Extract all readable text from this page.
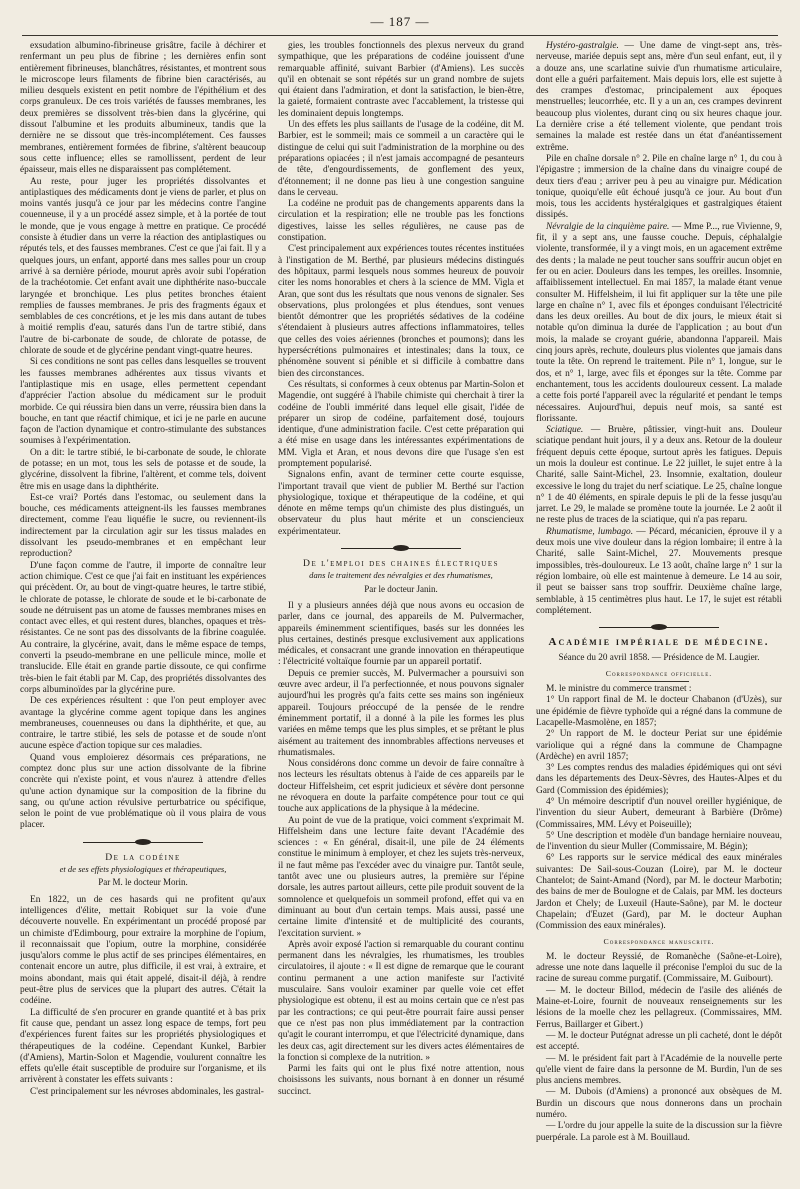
— 187 —

exsudation albumino-fibrineuse grisâtre, facile à déchirer et renfermant un peu plus de fibrine ; les dernières enfin sont entièrement fibrineuses, blanchâtres, résistantes, et montrent sous le microscope leurs filaments de fibrine bien caractérisés, au milieu desquels existent en petit nombre de l'épithélium et des corps granuleux. De ces trois variétés de fausses membranes, les deux premières se dissolvent très-bien dans la glycérine, qui dissout l'albumine et les produits albumineux, tandis que la dernière ne se dissout que très-incomplétement. Ces fausses membranes, entièrement formées de fibrine, s'altèrent beaucoup sous cette influence; elles se ramollissent, perdent de leur épaisseur, mais elles ne disparaissent pas complétement.

Au reste, pour juger les propriétés dissolvantes et antiplastiques des médicaments dont je viens de parler, et plus on moins vantés jusqu'à ce jour par les médecins contre l'angine couenneuse, il y a un procédé assez simple, et à la portée de tout le monde, que je vous engage à mettre en pratique. Ce procédé consiste à étudier dans un verre la réaction des antiplastiques ou réputés tels, et des fausses membranes. C'est ce que j'ai fait. Il y a quelques jours, un enfant, apporté dans mes salles pour un croup arrivé à sa dernière période, mourut après avoir subi l'opération de la trachéotomie. Cet enfant avait une diphthérite naso-buccale laryngée et bronchique. Les plus petites bronches étaient remplies de fausses membranes. Je pris des fragments égaux et semblables de ces concrétions, et je les mis dans autant de tubes à moitié remplis d'eau, saturés dans l'un de tartre stibié, dans l'autre de bi-carbonate de soude, de chlorate de potasse, de chlorate de soude et de glycérine pendant vingt-quatre heures.

Si ces conditions ne sont pas celles dans lesquelles se trouvent les fausses membranes adhérentes aux tissus vivants et l'antiplastique mis en usage, elles permettent cependant d'apprécier l'action absolue du médicament sur le produit morbide. Ce qui réussira bien dans un verre, réussira bien dans la bouche, en tant que réactif chimique, et ici je ne parle en aucune façon de l'action dynamique et contro-stimulante des substances soumises à l'expérimentation.

On a dit: le tartre stibié, le bi-carbonate de soude, le chlorate de potasse; en un mot, tous les sels de potasse et de soude, la glycérine, dissolvent la fibrine, l'altèrent, et comme tels, doivent être mis en usage dans la diphthérite.

Est-ce vrai? Portés dans l'estomac, ou seulement dans la bouche, ces médicaments atteignent-ils les fausses membranes directement, comme l'eau liquéfie le sucre, ou reviennent-ils indirectement par la circulation agir sur les tissus malades en dissolvant les pseudo-membranes et en empêchant leur reproduction?

D'une façon comme de l'autre, il importe de connaître leur action chimique. C'est ce que j'ai fait en instituant les expériences qui précèdent. Or, au bout de vingt-quatre heures, le tartre stibié, le chlorate de potasse, le chlorate de soude et le bi-carbonate de soude ne détruisent pas un atome de fausses membranes mises en contact avec elles, et qui restent dures, blanches, opaques et très-résistantes. Ce ne sont pas des dissolvants de la fibrine coagulée. Au contraire, la glycérine, avait, dans le même espace de temps, converti la pseudo-membrane en une pellicule mince, molle et translucide. Elle était en grande partie dissoute, ce qui confirme très-bien le fait établi par M. Cap, des propriétés dissolvantes des corps albuminoïdes par la glycérine pure.

De ces expériences résultent : que l'on peut employer avec avantage la glycérine comme agent topique dans les angines membraneuses, couenneuses ou dans la diphthérite, et que, au contraire, le tartre stibié, les sels de potasse et de soude n'ont aucune espèce d'action topique sur ces maladies.

Quand vous emploierez désormais ces préparations, ne comptez donc plus sur une action dissolvante de la fibrine concrète qui n'existe point, et vous n'aurez à attendre d'elles qu'une action dynamique sur la composition de la fibrine du sang, ou qu'une action révulsive perturbatrice ou spécifique, selon le point de vue problématique où il vous plaira de vous placer.

De la codéine
et de ses effets physiologiques et thérapeutiques,
Par M. le docteur Morin.

En 1822, un de ces hasards qui ne profitent qu'aux intelligences d'élite, mettait Robiquet sur la voie d'une découverte nouvelle. En expérimentant un procédé proposé par un chimiste d'Edimbourg, pour extraire la morphine de l'opium, il reconnaissait que l'opium, outre la morphine, considérée jusqu'alors comme le plus actif de ses principes élémentaires, en contenait encore un autre, plus difficile, il est vrai, à extraire, et moins abondant, mais qui était appelé, disait-il déjà, à rendre peut-être plus de services que la plupart des autres. C'était la codéine.

La difficulté de s'en procurer en grande quantité et à bas prix fit cause que, pendant un assez long espace de temps, fort peu d'expériences furent faites sur les propriétés physiologiques et thérapeutiques de la codéine. Cependant Kunkel, Barbier (d'Amiens), Martin-Solon et Magendie, voulurent connaître les effets qu'elle était susceptible de produire sur l'organisme, et ils arrivèrent à constater les effets suivants :

C'est principalement sur les névroses abdominales, les gastral-

gies, les troubles fonctionnels des plexus nerveux du grand sympathique, que les préparations de codéine jouissent d'une remarquable affinité, suivant Barbier (d'Amiens). Les succès qu'il en obtenait se sont répétés sur un grand nombre de sujets qui étaient dans l'admiration, et dont la satisfaction, le bien-être, la gaieté, formaient contraste avec l'accablement, la tristesse qui les dominaient depuis longtemps.

Un des effets les plus saillants de l'usage de la codéine, dit M. Barbier, est le sommeil; mais ce sommeil a un caractère qui le distingue de celui qui suit l'administration de la morphine ou des préparations opiacées ; il n'est jamais accompagné de pesanteurs de tête, d'engourdissements, de gonflement des yeux, d'étonnement; il ne donne pas lieu à une congestion sanguine dans le cerveau.

La codéine ne produit pas de changements apparents dans la circulation et la respiration; elle ne trouble pas les fonctions digestives, laisse les selles régulières, ne cause pas de constipation.

C'est principalement aux expériences toutes récentes instituées à l'instigation de M. Berthé, par plusieurs médecins distingués des hôpitaux, parmi lesquels nous sommes heureux de pouvoir citer les noms honorables et chers à la science de MM. Vigla et Aran, que sont dus les résultats que nous venons de signaler. Ses observations, plus prolongées et plus étendues, sont venues bientôt démontrer que les propriétés sédatives de la codéine s'étendaient à plusieurs autres affections inflammatoires, telles que celles des voies aériennes (bronches et poumons); dans les hypersécrétions pulmonaires et intestinales; dans la toux, ce phénomène souvent si pénible et si difficile à combattre dans bien des circonstances.

Ces résultats, si conformes à ceux obtenus par Martin-Solon et Magendie, ont suggéré à l'habile chimiste qui cherchait à tirer la codéine de l'oubli immérité dans lequel elle gisait, l'idée de préparer un sirop de codéine, parfaitement dosé, toujours identique, d'une administration facile. C'est cette préparation qui a été mise en usage dans les intéressantes expérimentations de MM. Vigla et Aran, et nous devons dire que l'usage s'en est promptement popularisé.

Signalons enfin, avant de terminer cette courte esquisse, l'important travail que vient de publier M. Berthé sur l'action physiologique, toxique et thérapeutique de la codéine, et qui dénote en même temps qu'un chimiste des plus distingués, un observateur du plus haut mérite et un consciencieux expérimentateur.

De l'emploi des chaines électriques
dans le traitement des névralgies et des rhumatismes,
Par le docteur Janin.

Il y a plusieurs années déjà que nous avons eu occasion de parler, dans ce journal, des appareils de M. Pulvermacher, appareils éminemment scientifiques, basés sur les données les plus certaines, destinés presque exclusivement aux applications médicales, et consacrant une grande innovation en thérapeutique : l'électricité voltaïque fournie par un appareil portatif.

Depuis ce premier succès, M. Pulvermacher a poursuivi son œuvre avec ardeur, il l'a perfectionnée, et nous pouvons signaler aujourd'hui les progrès qu'a faits cette ses mains son ingénieux appareil. Toujours préoccupé de la pensée de le rendre éminemment portatif, il a donné à la pile les formes les plus variées en même temps que les plus simples, et se prêtant le plus aisément au traitement des innombrables affections nerveuses et rhumatismales.

Nous considérons donc comme un devoir de faire connaître à nos lecteurs les résultats obtenus à l'aide de ces appareils par le docteur Hiffelsheim, cet esprit judicieux et sévère dont personne ne révoquera en doute la parfaite compétence pour tout ce qui touche aux applications de la physique à la médecine.

Au point de vue de la pratique, voici comment s'exprimait M. Hiffelsheim dans une lecture faite devant l'Académie des sciences : « En général, disait-il, une pile de 24 éléments constitue le minimum à employer, et chez les sujets très-nerveux, il ne faut même pas l'excéder avec du vinaigre pur. Tantôt seule, tantôt avec une ou plusieurs autres, la première sur l'épine dorsale, les autres partout ailleurs, cette pile produit souvent de la somnolence et quelquefois un sommeil profond, effet qui va en diminuant au bout d'un certain temps. Mais aussi, passé une certaine limite d'intensité et de multiplicité des courants, l'excitation survient. »

Après avoir exposé l'action si remarquable du courant continu permanent dans les névralgies, les rhumatismes, les troubles circulatoires, il ajoute : « Il est digne de remarque que le courant continu permanent a une action manifeste sur l'activité musculaire. Sans vouloir examiner par quelle voie cet effet physiologique est obtenu, il est au moins certain que ce n'est pas par les contractions; ce qui peut-être pourrait faire aussi penser que ce n'est pas non plus immédiatement par la contraction qu'agit le courant interrompu, et que l'électricité dynamique, dans les deux cas, agit directement sur les divers actes élémentaires de la fonction si complexe de la nutrition. »

Parmi les faits qui ont le plus fixé notre attention, nous choisissons les suivants, nous bornant à en donner un résumé succinct.

Hystéro-gastralgie. — Une dame de vingt-sept ans, très-nerveuse, mariée depuis sept ans, mère d'un seul enfant, eut, il y a douze ans, une scarlatine suivie d'un rhumatisme articulaire, dont elle a guéri parfaitement. Mais depuis lors, elle est sujette à des crampes d'estomac, principalement aux époques menstruelles; leucorrhée, etc. Il y a un an, ces crampes devinrent beaucoup plus violentes, durant cinq ou six heures chaque jour. La dernière crise a été tellement violente, que pendant trois semaines la malade est restée dans un état d'anéantissement extrême.

Pile en chaîne dorsale n° 2. Pile en chaîne large n° 1, du cou à l'épigastre ; immersion de la chaîne dans du vinaigre coupé de deux tiers d'eau ; arriver peu à peu au vinaigre pur. Médication tonique, quoiqu'elle eût échoué jusqu'à ce jour. Au bout d'un mois, tous les accidents hystéralgiques et gastralgiques étaient dissipés.

Névralgie de la cinquième paire. — Mme P..., rue Vivienne, 9, fit, il y a sept ans, une fausse couche. Depuis, céphalalgie violente, transformée, il y a vingt mois, en un agacement extrême des dents ; la malade ne peut toucher sans souffrir aucun objet en fer ou en acier. Douleurs dans les tempes, les oreilles. Insomnie, affaiblissement intellectuel. En mai 1857, la malade étant venue consulter M. Hiffelsheim, il lui fit appliquer sur la tête une pile large en chaîne n° 1, avec fils et éponges conduisant l'électricité dans les deux oreilles. Au bout de dix jours, le mieux était si notable qu'on diminua la durée de l'application ; au bout d'un mois, la malade se croyant guérie, abandonna l'appareil. Mais cinq jours après, rechute, douleurs plus violentes que jamais dans toute la tête. On reprend le traitement. Pile n° 1, longue, sur le dos, et n° 1, large, avec fils et éponges sur la tête. Comme par enchantement, tous les accidents douloureux cessent. La malade a cette fois porté l'appareil avec la régularité et pendant le temps nécessaires. Aujourd'hui, depuis neuf mois, sa santé est florissante.

Sciatique. — Bruère, pâtissier, vingt-huit ans. Douleur sciatique pendant huit jours, il y a deux ans. Retour de la douleur fréquent depuis cette époque, surtout après les fatigues. Depuis un mois la douleur est continue. Le 22 juillet, le sujet entre à la Charité, salle Saint-Michel, 23. Insomnie, exaltation, douleur excessive le long du trajet du nerf sciatique. Le 25, chaîne longue n° 1 de 40 éléments, en spirale depuis le pli de la fesse jusqu'au jarret. Le 29, le malade se promène toute la journée. Le 2 août il ne reste plus de traces de la sciatique, qui n'a pas reparu.

Rhumatisme, lumbago. — Pécard, mécanicien, éprouve il y a deux mois une vive douleur dans la région lombaire; il entre à la Charité, salle Saint-Michel, 27. Mouvements presque impossibles, très-douloureux. Le 13 août, chaîne large n° 1 sur la région lombaire, où elle est maintenue à demeure. Le 14 au soir, il peut se baisser sans trop souffrir. Deuxième chaîne large, semblable, à 15 centimètres plus haut. Le 17, le sujet est rétabli complétement.

Académie impériale de médecine.
Séance du 20 avril 1858. — Présidence de M. Laugier.
Correspondance officielle.

M. le ministre du commerce transmet :

1° Un rapport final de M. le docteur Chabanon (d'Uzès), sur une épidémie de fièvre typhoïde qui a régné dans la commune de Lacapelle-Masmolène, en 1857;

2° Un rapport de M. le docteur Periat sur une épidémie variolique qui a régné dans la commune de Champagne (Ardèche) en avril 1857;

3° Les comptes rendus des maladies épidémiques qui ont sévi dans les départements des Deux-Sèvres, des Hautes-Alpes et du Gard (Commission des épidémies);

4° Un mémoire descriptif d'un nouvel oreiller hygiénique, de l'invention du sieur Aubert, demeurant à Barbière (Drôme) (Commissaires, MM. Lévy et Poiseuille);

5° Une description et modèle d'un bandage herniaire nouveau, de l'invention du sieur Muller (Commissaire, M. Bégin);

6° Les rapports sur le service médical des eaux minérales suivantes: De Sail-sous-Couzan (Loire), par M. le docteur Chantelot; de Saint-Amand (Nord), par M. le docteur Marbotin; des bains de mer de Boulogne et de Calais, par MM. les docteurs Jardon et Chely; de Luxeuil (Haute-Saône), par M. le docteur Chapelain; d'Euzet (Gard), par M. le docteur Auphan (Commission des eaux minérales).

Correspondance manuscrite.

M. le docteur Reyssié, de Romanèche (Saône-et-Loire), adresse une note dans laquelle il préconise l'emploi du suc de la racine de sureau comme purgatif. (Commissaire, M. Guibourt).

— M. le docteur Billod, médecin de l'asile des aliénés de Maine-et-Loire, fournit de nouveaux renseignements sur les lésions de la moelle chez les pellagreux. (Commissaires, MM. Ferrus, Baillarger et Gibert.)

— M. le docteur Putégnat adresse un pli cacheté, dont le dépôt est accepté.

— M. le président fait part à l'Académie de la nouvelle perte qu'elle vient de faire dans la personne de M. Burdin, l'un de ses plus anciens membres.

— M. Dubois (d'Amiens) a prononcé aux obsèques de M. Burdin un discours que nous donnerons dans un prochain numéro.

— L'ordre du jour appelle la suite de la discussion sur la fièvre puerpérale. La parole est à M. Bouillaud.
